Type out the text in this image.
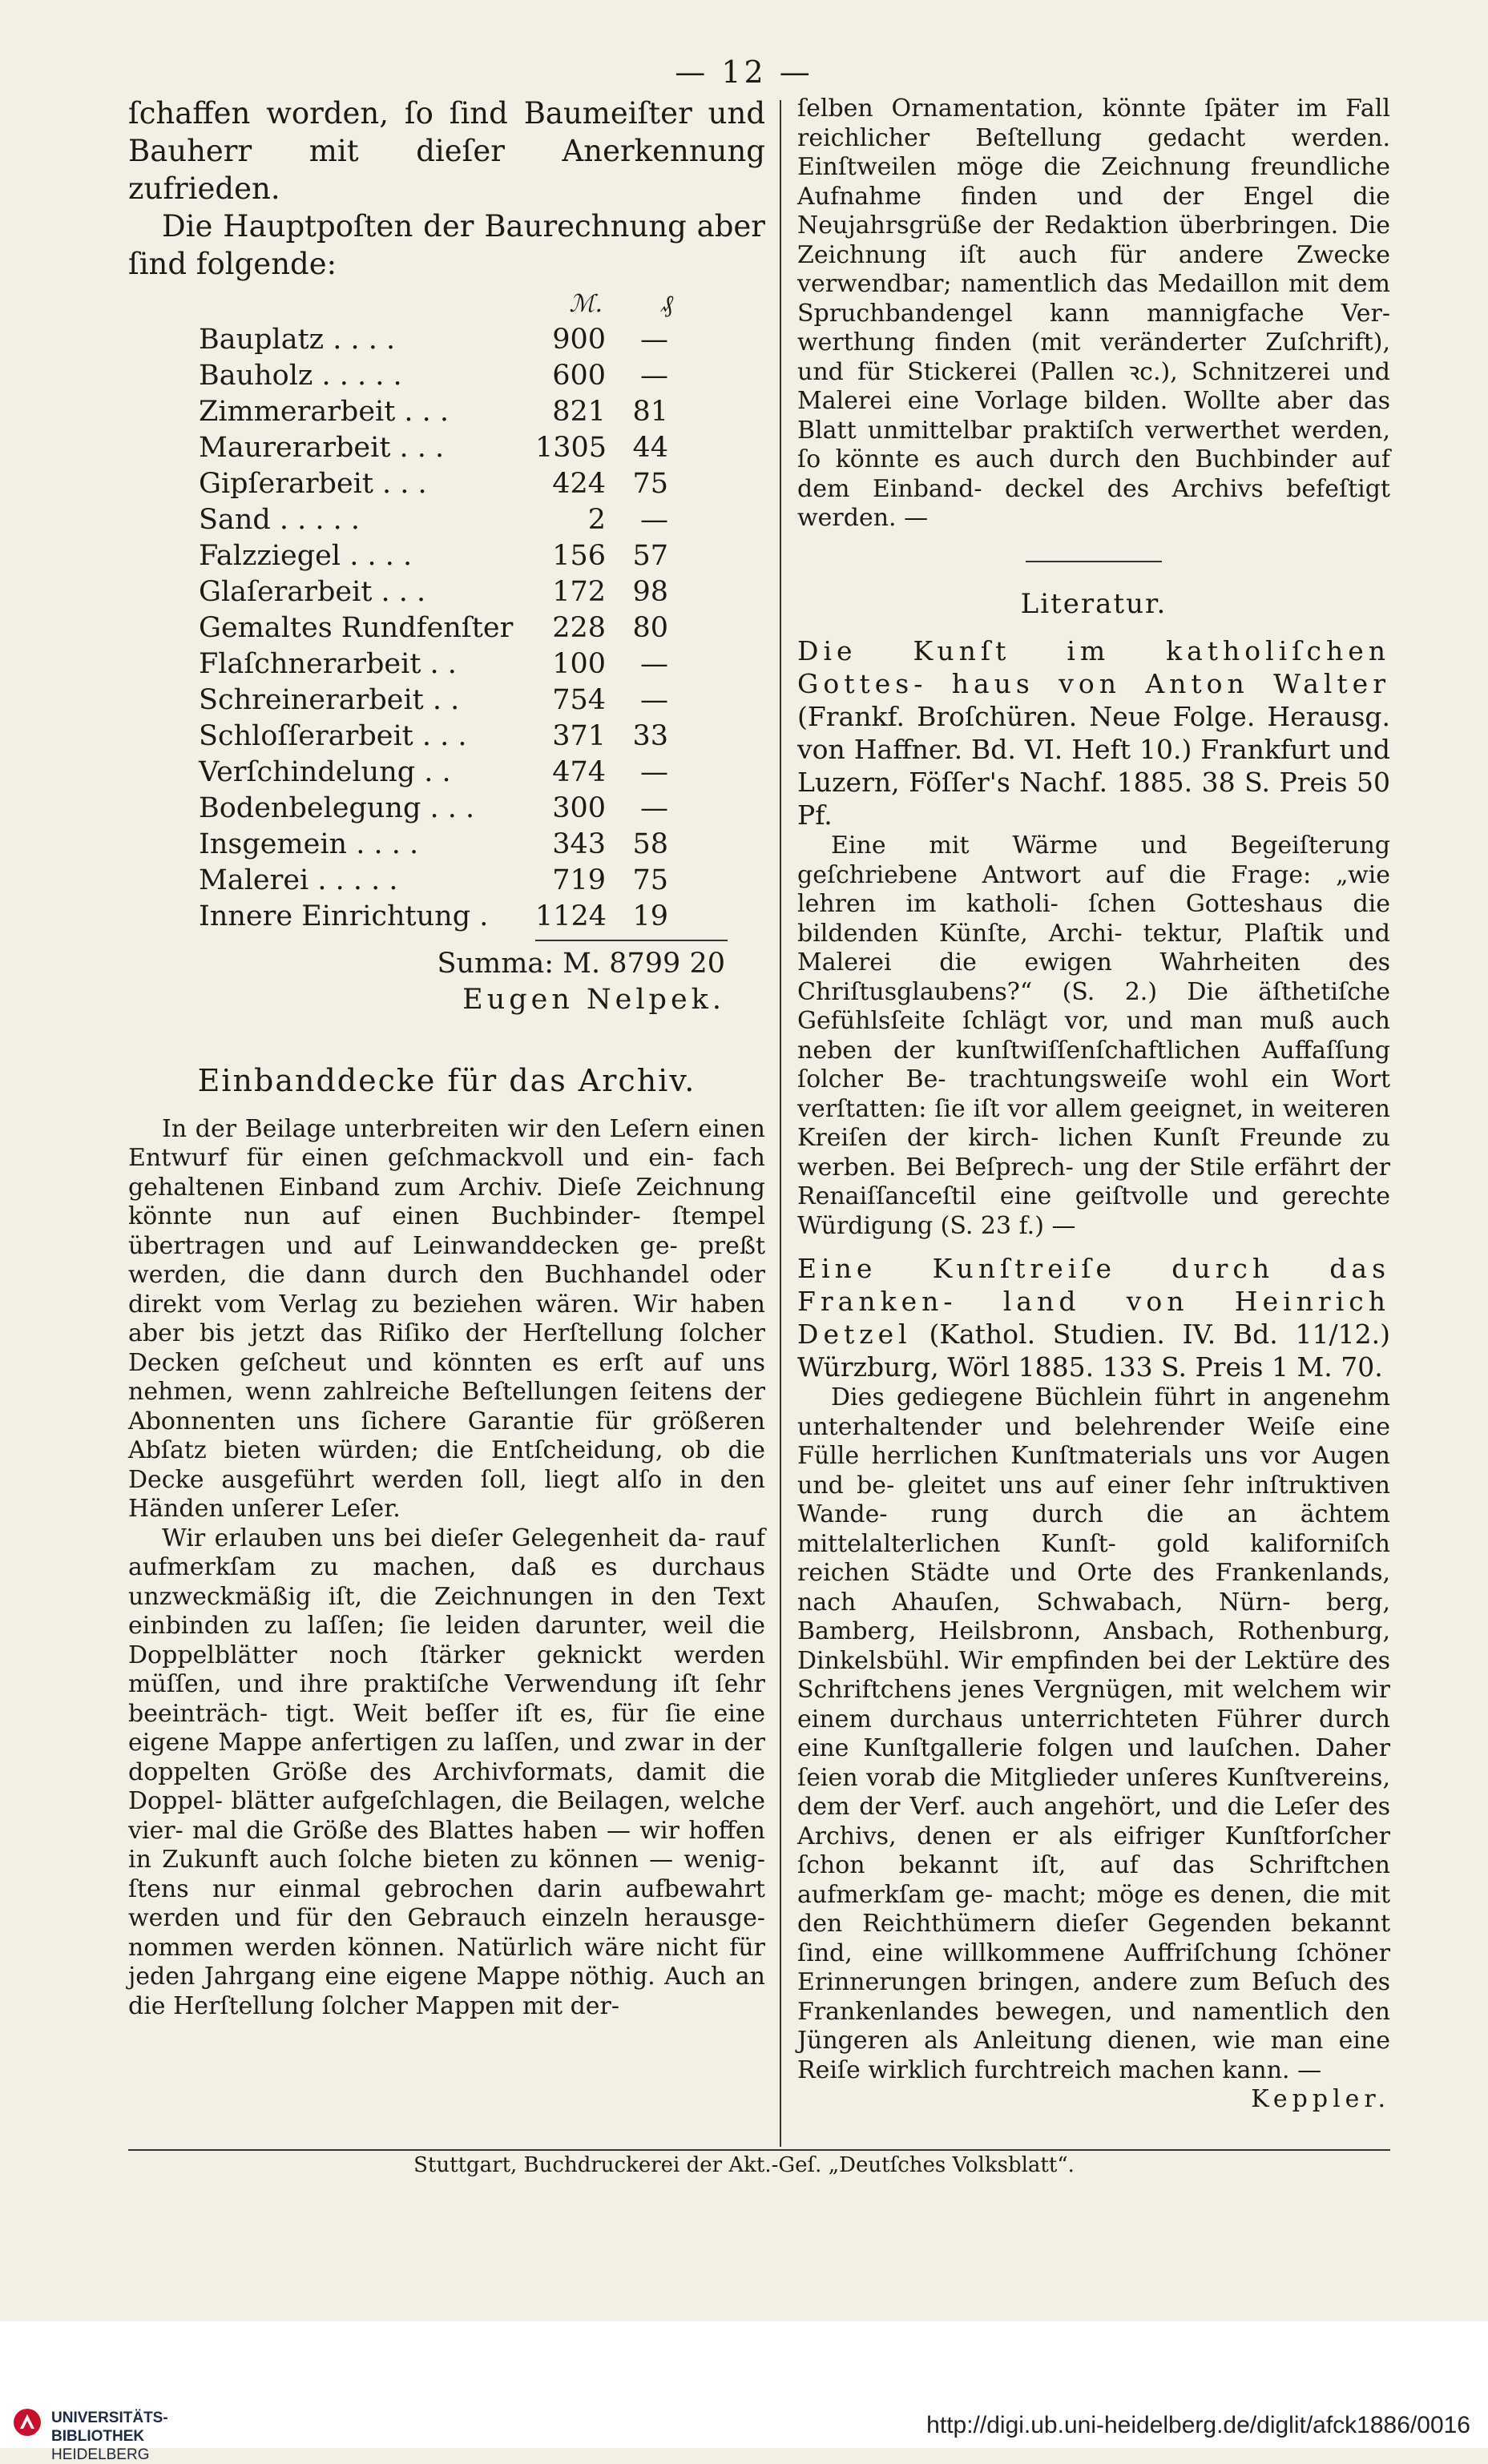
— 12 —

ſchaffen worden, ſo ſind Baumeiſter und Bauherr mit dieſer Anerkennung zufrieden.

Die Hauptpoſten der Baurechnung aber ſind folgende:

ℳ.	₰
Bauplatz . . . .	900	—
Bauholz . . . . .	600	—
Zimmerarbeit . . .	821 81
Maurerarbeit . . .	1305 44
Gipſerarbeit . . .	424 75
Sand . . . . .	2	—
Falzziegel . . . .	156 57
Glaſerarbeit . . .	172 98
Gemaltes Rundfenſter	228 80
Flaſchnerarbeit . .	100	—
Schreinerarbeit . .	754	—
Schloſſerarbeit . . .	371 33
Verſchindelung . .	474	—
Bodenbelegung . . .	300	—
Insgemein . . . .	343 58
Malerei . . . . .	719 75
Innere Einrichtung .	1124 19
Summa: M. 8799 20
Eugen Nelpek.
Einbanddecke für das Archiv.

In der Beilage unterbreiten wir den Leſern einen Entwurf für einen geſchmackvoll und ein- fach gehaltenen Einband zum Archiv. Dieſe Zeichnung könnte nun auf einen Buchbinder- ſtempel übertragen und auf Leinwanddecken ge- preßt werden, die dann durch den Buchhandel oder direkt vom Verlag zu beziehen wären. Wir haben aber bis jetzt das Riſiko der Herſtellung ſolcher Decken geſcheut und könnten es erſt auf uns nehmen, wenn zahlreiche Beſtellungen ſeitens der Abonnenten uns ſichere Garantie für größeren Abſatz bieten würden; die Entſcheidung, ob die Decke ausgeführt werden ſoll, liegt alſo in den Händen unſerer Leſer.

Wir erlauben uns bei dieſer Gelegenheit da- rauf aufmerkſam zu machen, daß es durchaus unzweckmäßig iſt, die Zeichnungen in den Text einbinden zu laſſen; ſie leiden darunter, weil die Doppelblätter noch ſtärker geknickt werden müſſen, und ihre praktiſche Verwendung iſt ſehr beeinträch- tigt. Weit beſſer iſt es, für ſie eine eigene Mappe anfertigen zu laſſen, und zwar in der doppelten Größe des Archivformats, damit die Doppel- blätter aufgeſchlagen, die Beilagen, welche vier- mal die Größe des Blattes haben — wir hoffen in Zukunft auch ſolche bieten zu können — wenig- ſtens nur einmal gebrochen darin aufbewahrt werden und für den Gebrauch einzeln herausge- nommen werden können. Natürlich wäre nicht für jeden Jahrgang eine eigene Mappe nöthig. Auch an die Herſtellung ſolcher Mappen mit der-

ſelben Ornamentation, könnte ſpäter im Fall reichlicher Beſtellung gedacht werden. Einſtweilen möge die Zeichnung freundliche Aufnahme finden und der Engel die Neujahrsgrüße der Redaktion überbringen. Die Zeichnung iſt auch für andere Zwecke verwendbar; namentlich das Medaillon mit dem Spruchbandengel kann mannigfache Ver- werthung finden (mit veränderter Zuſchrift), und für Stickerei (Pallen ꝛc.), Schnitzerei und Malerei eine Vorlage bilden. Wollte aber das Blatt unmittelbar praktiſch verwerthet werden, ſo könnte es auch durch den Buchbinder auf dem Einband- deckel des Archivs befeſtigt werden. —

Literatur.

Die Kunſt im katholiſchen Gottes- haus von Anton Walter (Frankf. Broſchüren. Neue Folge. Herausg. von Haffner. Bd. VI. Heft 10.) Frankfurt und Luzern, Föſſer's Nachf. 1885. 38 S. Preis 50 Pf.

Eine mit Wärme und Begeiſterung geſchriebene Antwort auf die Frage: „wie lehren im katholi- ſchen Gotteshaus die bildenden Künſte, Archi- tektur, Plaſtik und Malerei die ewigen Wahrheiten des Chriſtusglaubens?“ (S. 2.) Die äſthetiſche Gefühlsſeite ſchlägt vor, und man muß auch neben der kunſtwiſſenſchaftlichen Auffaſſung ſolcher Be- trachtungsweiſe wohl ein Wort verſtatten: ſie iſt vor allem geeignet, in weiteren Kreiſen der kirch- lichen Kunſt Freunde zu werben. Bei Beſprech- ung der Stile erfährt der Renaiſſanceſtil eine geiſtvolle und gerechte Würdigung (S. 23 f.) —

Eine Kunſtreiſe durch das Franken- land von Heinrich Detzel (Kathol. Studien. IV. Bd. 11/12.) Würzburg, Wörl 1885. 133 S. Preis 1 M. 70.

Dies gediegene Büchlein führt in angenehm unterhaltender und belehrender Weiſe eine Fülle herrlichen Kunſtmaterials uns vor Augen und be- gleitet uns auf einer ſehr inſtruktiven Wande- rung durch die an ächtem mittelalterlichen Kunſt- gold kaliforniſch reichen Städte und Orte des Frankenlands, nach Ahauſen, Schwabach, Nürn- berg, Bamberg, Heilsbronn, Ansbach, Rothenburg, Dinkelsbühl. Wir empfinden bei der Lektüre des Schriftchens jenes Vergnügen, mit welchem wir einem durchaus unterrichteten Führer durch eine Kunſtgallerie folgen und lauſchen. Daher ſeien vorab die Mitglieder unſeres Kunſtvereins, dem der Verf. auch angehört, und die Leſer des Archivs, denen er als eifriger Kunſtforſcher ſchon bekannt iſt, auf das Schriftchen aufmerkſam ge- macht; möge es denen, die mit den Reichthümern dieſer Gegenden bekannt ſind, eine willkommene Auffriſchung ſchöner Erinnerungen bringen, andere zum Beſuch des Frankenlandes bewegen, und namentlich den Jüngeren als Anleitung dienen, wie man eine Reiſe wirklich furchtreich machen kann. —

Keppler.
Stuttgart, Buchdruckerei der Akt.-Geſ. „Deutſches Volksblatt“.
UNIVERSITÄTS-
BIBLIOTHEK
HEIDELBERG
http://digi.ub.uni-heidelberg.de/diglit/afck1886/0016
